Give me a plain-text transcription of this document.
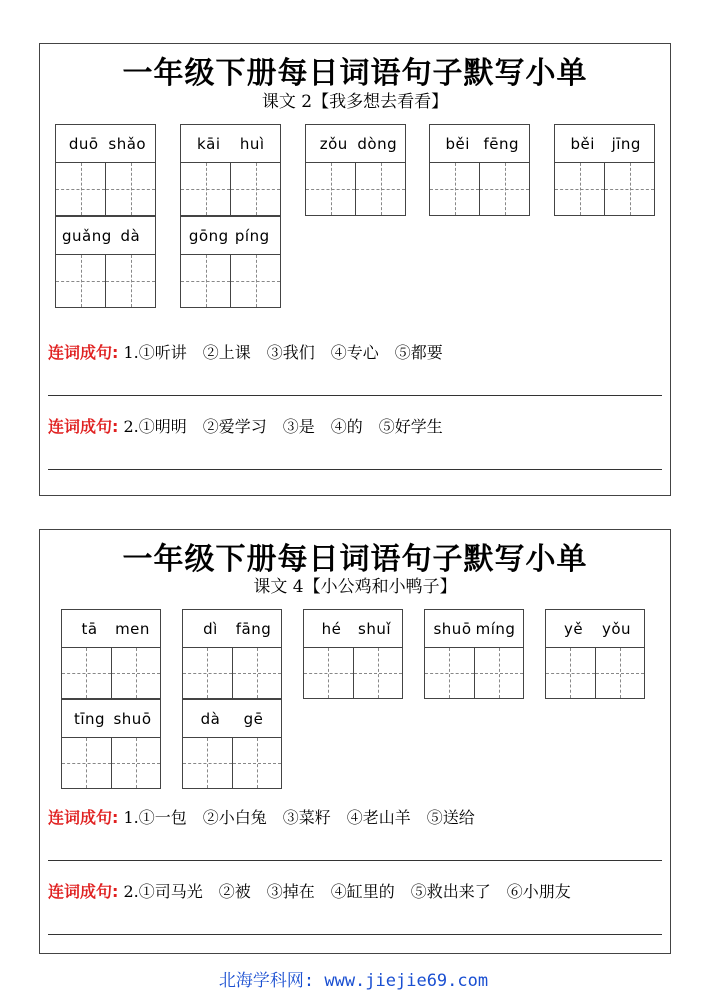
一年级下册每日词语句子默写小单
课文 2【我多想去看看】
duō shǎo	kāi	huì	zǒu dòng	běi fēng	běi	jīng
guǎng dà	gōng píng
连词成句: 1.①听讲　②上课　③我们　④专心　⑤都要
连词成句: 2.①明明　②爱学习　③是　④的　⑤好学生
一年级下册每日词语句子默写小单
课文 4【小公鸡和小鸭子】
tā	men	dì	fāng	hé	shuǐ	shuō míng	yě	yǒu
tīng shuō	dà	gē
连词成句: 1.①一包　②小白兔　③菜籽　④老山羊　⑤送给
连词成句: 2.①司马光　②被　③掉在　④缸里的　⑤救出来了　⑥小朋友
北海学科网: www.jiejie69.com
